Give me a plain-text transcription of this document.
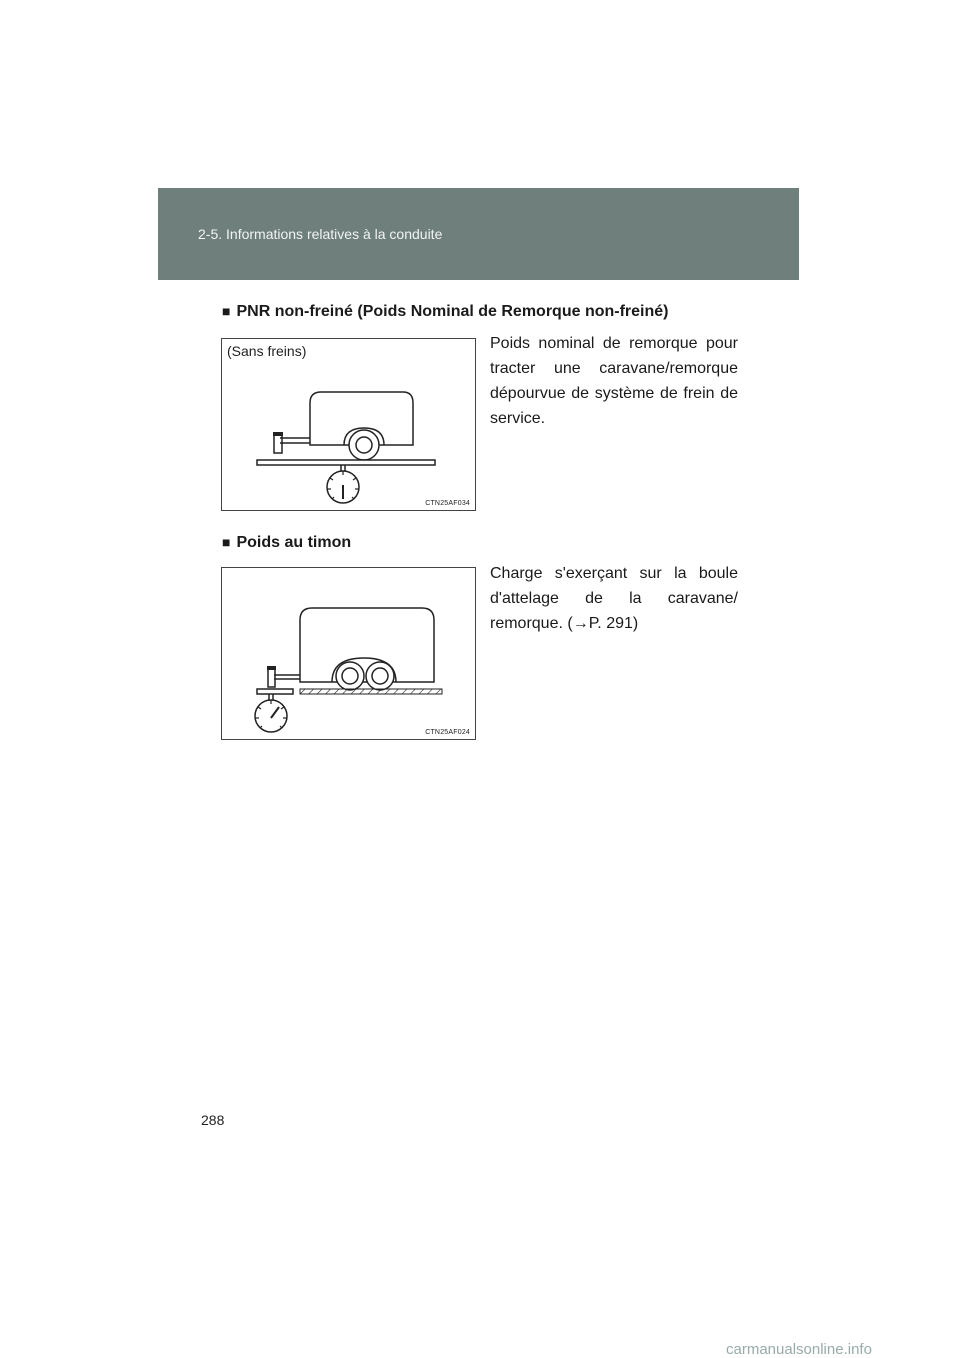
2-5. Informations relatives à la conduite
■ PNR non-freiné (Poids Nominal de Remorque non-freiné)
(Sans freins)
CTN25AF034
Poids nominal de remorque pour tracter une caravane/remorque dépourvue de système de frein de service.
■ Poids au timon
CTN25AF024
Charge s'exerçant sur la boule d'attelage de la caravane/ remorque. (→P. 291)
288
carmanualsonline.info
